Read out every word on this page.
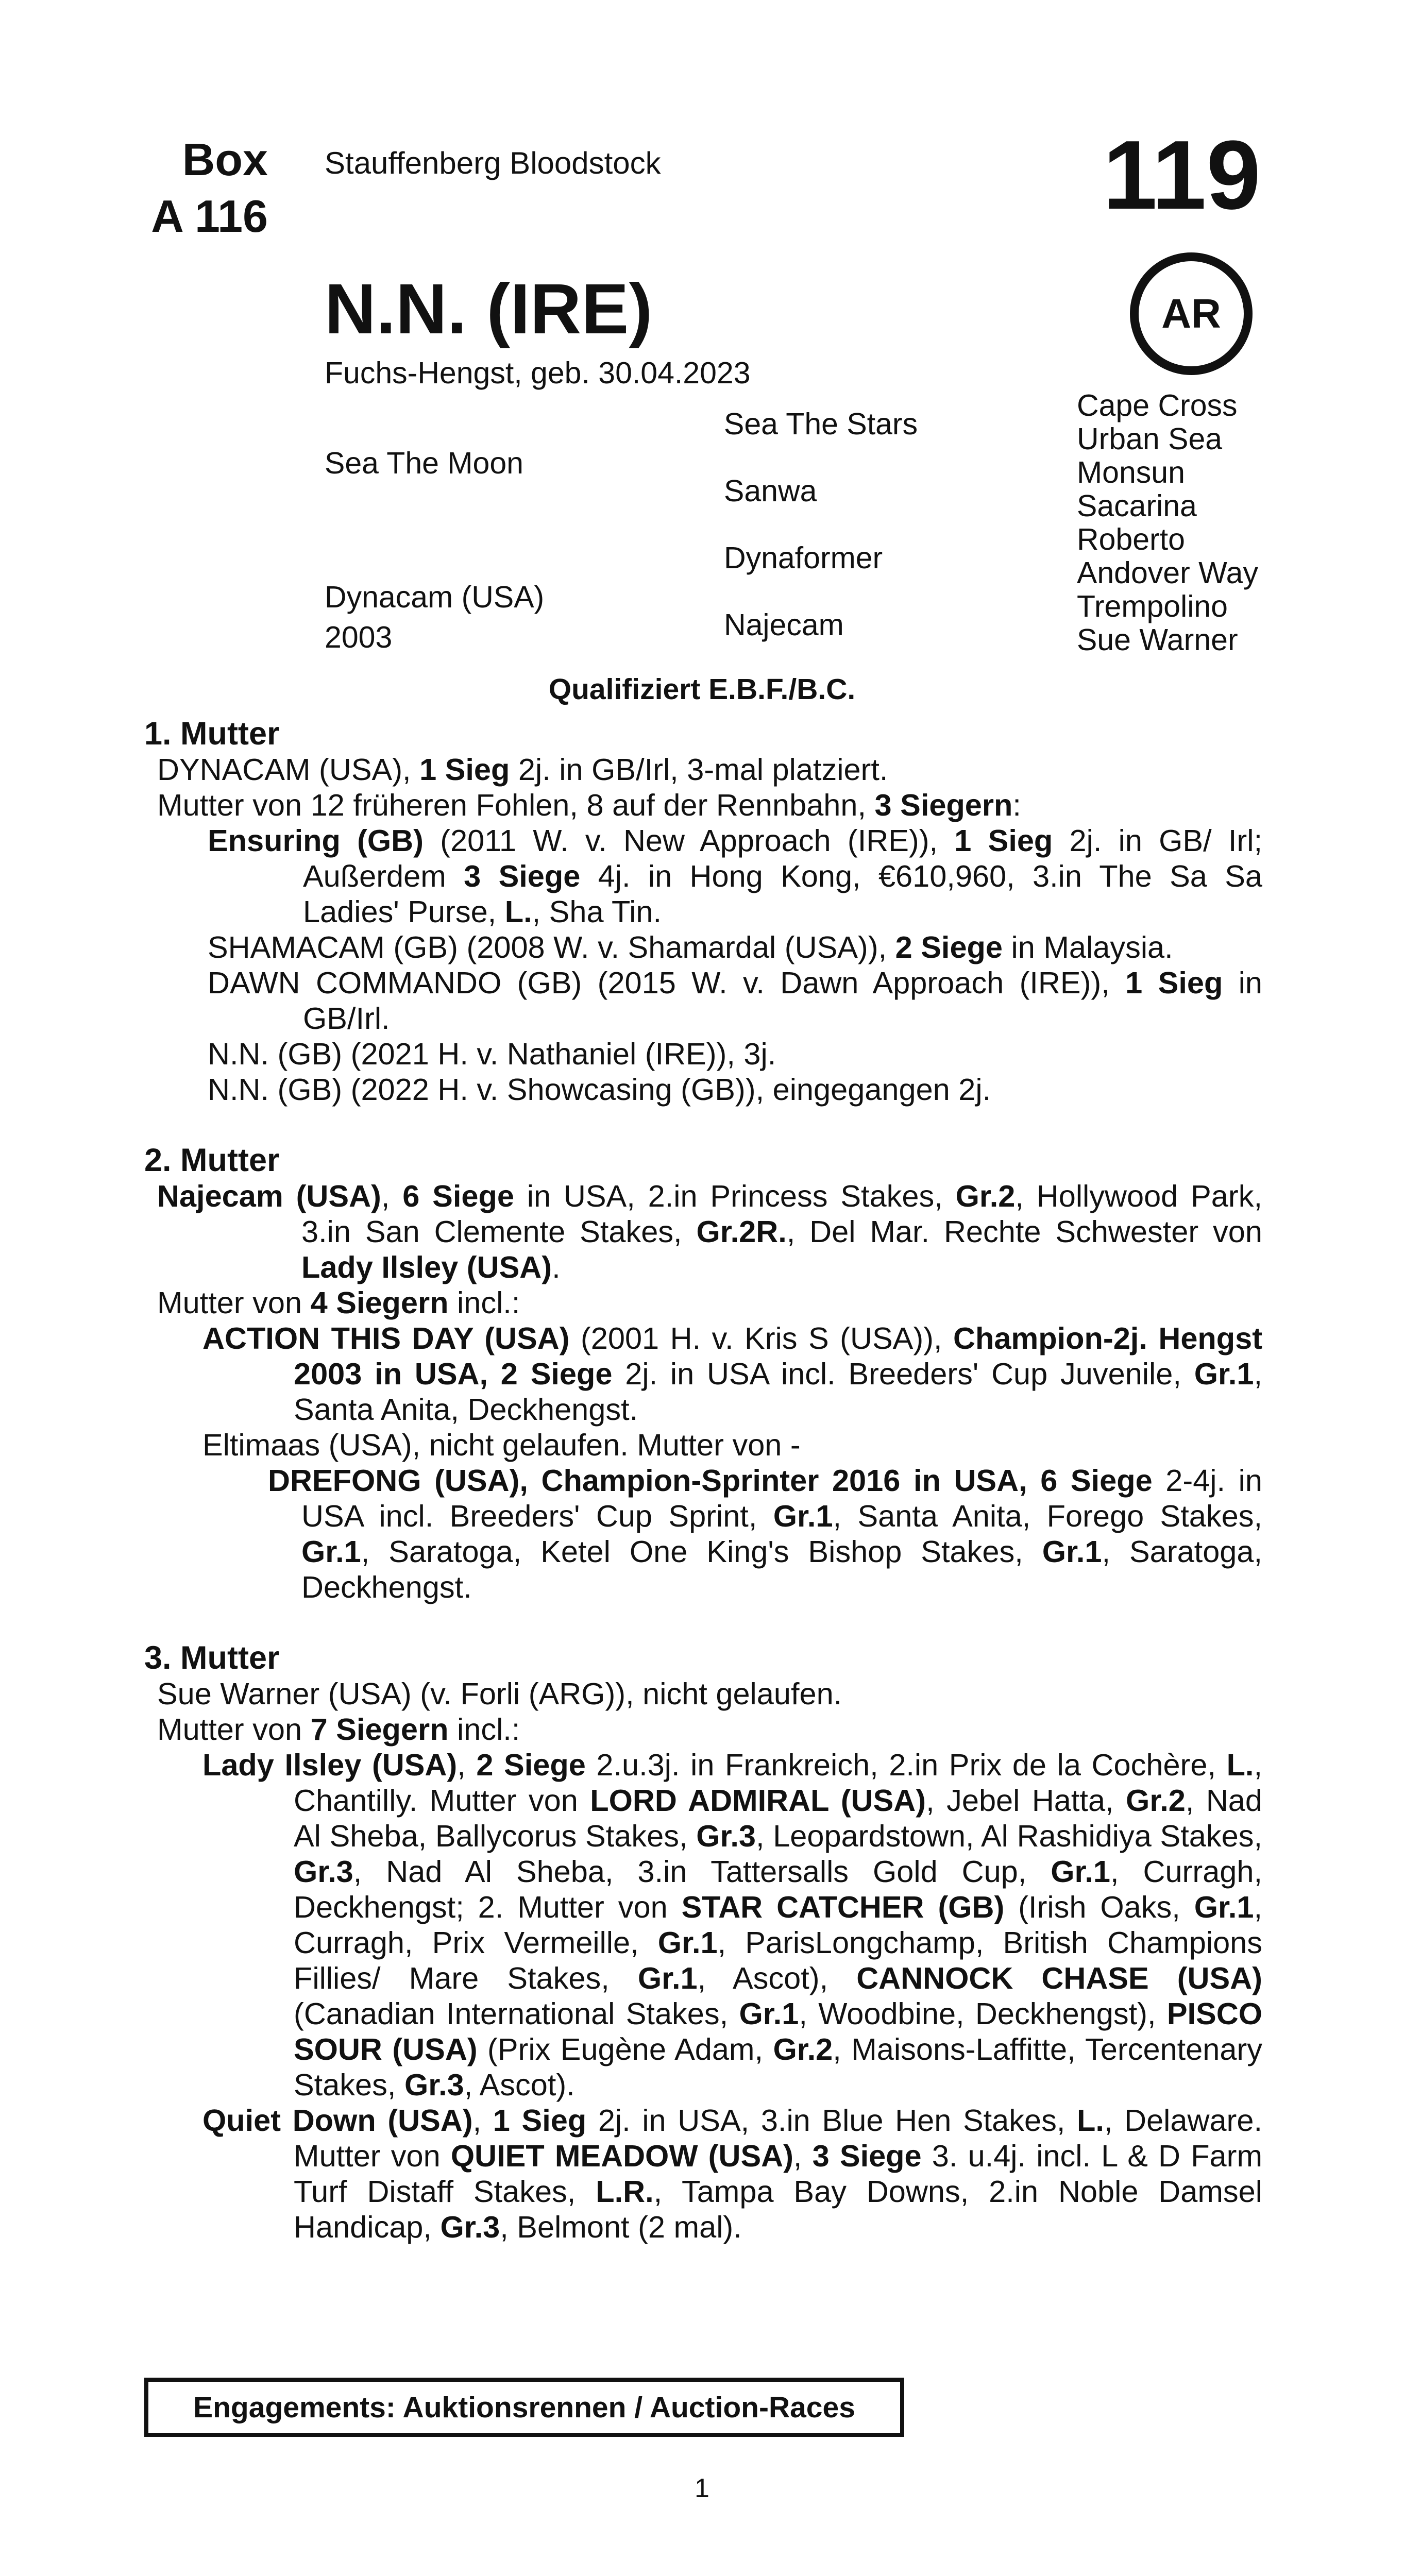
Box
A 116
Stauffenberg Bloodstock	119
AR
N.N. (IRE)
Fuchs-Hengst, geb. 30.04.2023
Sea The Moon
Dynacam (USA)
2003
Sea The Stars
Sanwa
Dynaformer
Najecam
Cape Cross
Urban Sea
Monsun
Sacarina
Roberto
Andover Way
Trempolino
Sue Warner
Qualifiziert E.B.F./B.C.
1. Mutter

DYNACAM (USA), 1 Sieg 2j. in GB/Irl, 3-mal platziert.

Mutter von 12 früheren Fohlen, 8 auf der Rennbahn, 3 Siegern:

Ensuring (GB) (2011 W. v. New Approach (IRE)), 1 Sieg 2j. in GB/ Irl; Außerdem 3 Siege 4j. in Hong Kong, €610,960, 3.in The Sa Sa Ladies' Purse, L., Sha Tin.

SHAMACAM (GB) (2008 W. v. Shamardal (USA)), 2 Siege in Malaysia.

DAWN COMMANDO (GB) (2015 W. v. Dawn Approach (IRE)), 1 Sieg in GB/Irl.

N.N. (GB) (2021 H. v. Nathaniel (IRE)), 3j.

N.N. (GB) (2022 H. v. Showcasing (GB)), eingegangen 2j.

2. Mutter

Najecam (USA), 6 Siege in USA, 2.in Princess Stakes, Gr.2, Hollywood Park, 3.in San Clemente Stakes, Gr.2R., Del Mar. Rechte Schwester von Lady Ilsley (USA).

Mutter von 4 Siegern incl.:

ACTION THIS DAY (USA) (2001 H. v. Kris S (USA)), Champion-2j. Hengst 2003 in USA, 2 Siege 2j. in USA incl. Breeders' Cup Juvenile, Gr.1, Santa Anita, Deckhengst.

Eltimaas (USA), nicht gelaufen. Mutter von -

DREFONG (USA), Champion-Sprinter 2016 in USA, 6 Siege 2-4j. in USA incl. Breeders' Cup Sprint, Gr.1, Santa Anita, Forego Stakes, Gr.1, Saratoga, Ketel One King's Bishop Stakes, Gr.1, Saratoga, Deckhengst.

3. Mutter

Sue Warner (USA) (v. Forli (ARG)), nicht gelaufen.

Mutter von 7 Siegern incl.:

Lady Ilsley (USA), 2 Siege 2.u.3j. in Frankreich, 2.in Prix de la Cochère, L., Chantilly. Mutter von LORD ADMIRAL (USA), Jebel Hatta, Gr.2, Nad Al Sheba, Ballycorus Stakes, Gr.3, Leopardstown, Al Rashidiya Stakes, Gr.3, Nad Al Sheba, 3.in Tattersalls Gold Cup, Gr.1, Curragh, Deckhengst; 2. Mutter von STAR CATCHER (GB) (Irish Oaks, Gr.1, Curragh, Prix Vermeille, Gr.1, ParisLongchamp, British Champions Fillies/ Mare Stakes, Gr.1, Ascot), CANNOCK CHASE (USA) (Canadian International Stakes, Gr.1, Woodbine, Deckhengst), PISCO SOUR (USA) (Prix Eugène Adam, Gr.2, Maisons-Laffitte, Tercentenary Stakes, Gr.3, Ascot).

Quiet Down (USA), 1 Sieg 2j. in USA, 3.in Blue Hen Stakes, L., Delaware. Mutter von QUIET MEADOW (USA), 3 Siege 3. u.4j. incl. L & D Farm Turf Distaff Stakes, L.R., Tampa Bay Downs, 2.in Noble Damsel Handicap, Gr.3, Belmont (2 mal).

Engagements: Auktionsrennen / Auction-Races
1
